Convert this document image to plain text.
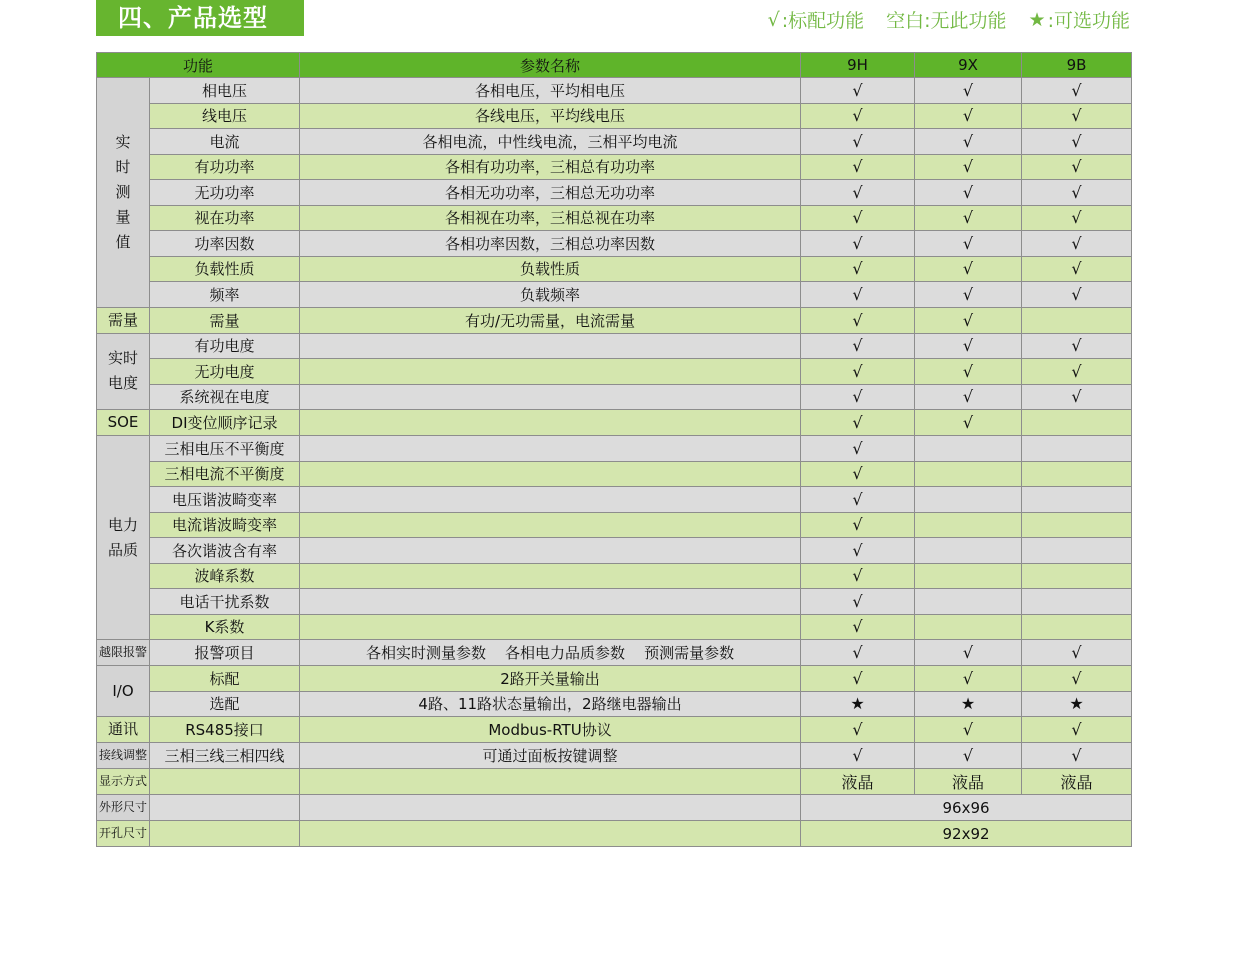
四、产品选型	√ :标配功能 空白:无此功能 ★ :可选功能
功能		参数名称	9H	9X	9B
实
时
测
量
值	相电压	各相电压，平均相电压	√	√	√
	线电压	各线电压，平均线电压	√	√	√
	电流	各相电流，中性线电流，三相平均电流	√	√	√
	有功功率	各相有功功率，三相总有功功率	√	√	√
	无功功率	各相无功功率，三相总无功功率	√	√	√
	视在功率	各相视在功率，三相总视在功率	√	√	√
	功率因数	各相功率因数，三相总功率因数	√	√	√
	负载性质	负载性质	√	√	√
	频率	负载频率	√	√	√
需量	需量	有功/无功需量，电流需量	√	√	
实时
电度	有功电度		√	√	√
	无功电度		√	√	√
	系统视在电度		√	√	√
SOE	DI变位顺序记录		√	√	
电力
品质	三相电压不平衡度		√		
	三相电流不平衡度		√		
	电压谐波畸变率		√		
	电流谐波畸变率		√		
	各次谐波含有率		√		
	波峰系数		√		
	电话干扰系数		√		
	K系数		√		
越限报警	报警项目	各相实时测量参数    各相电力品质参数    预测需量参数	√	√	√
I/O	标配	2路开关量输出	√	√	√
	选配	4路、11路状态量输出，2路继电器输出	★	★	★
通讯	RS485接口	Modbus-RTU协议	√	√	√
接线调整	三相三线三相四线	可通过面板按键调整	√	√	√
显示方式			液晶	液晶	液晶
外形尺寸			96x96		
开孔尺寸			92x92		
